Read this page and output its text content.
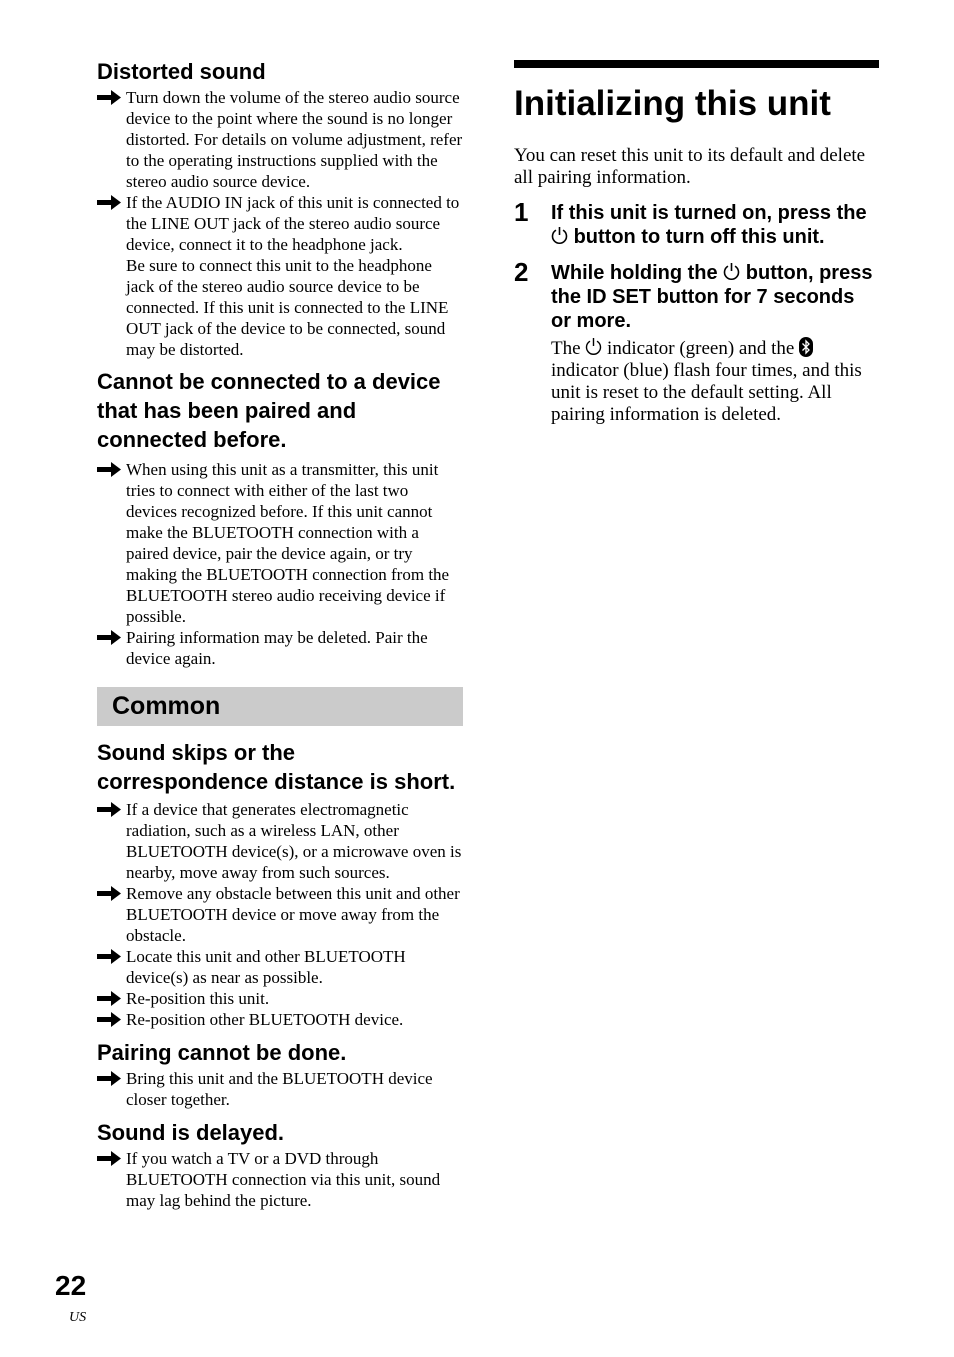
Distorted sound
Turn down the volume of the stereo audio source device to the point where the sound is no longer distorted. For details on volume adjustment, refer to the operating instructions supplied with the stereo audio source device.
If the AUDIO IN jack of this unit is connected to the LINE OUT jack of the stereo audio source device, connect it to the headphone jack.
Be sure to connect this unit to the headphone jack of the stereo audio source device to be connected. If this unit is connected to the LINE OUT jack of the device to be connected, sound may be distorted.
Cannot be connected to a device that has been paired and connected before.
When using this unit as a transmitter, this unit tries to connect with either of the last two devices recognized before. If this unit cannot make the BLUETOOTH connection with a paired device, pair the device again, or try making the BLUETOOTH connection from the BLUETOOTH stereo audio receiving device if possible.
Pairing information may be deleted. Pair the device again.
Common
Sound skips or the correspondence distance is short.
If a device that generates electromagnetic radiation, such as a wireless LAN, other BLUETOOTH device(s), or a microwave oven is nearby, move away from such sources.
Remove any obstacle between this unit and other BLUETOOTH device or move away from the obstacle.
Locate this unit and other BLUETOOTH device(s) as near as possible.
Re-position this unit.
Re-position other BLUETOOTH device.
Pairing cannot be done.
Bring this unit and the BLUETOOTH device closer together.
Sound is delayed.
If you watch a TV or a DVD through BLUETOOTH connection via this unit, sound may lag behind the picture.
Initializing this unit
You can reset this unit to its default and delete all pairing information.
1 If this unit is turned on, press the  button to turn off this unit.
2 While holding the button, press the ID SET button for 7 seconds or more.
The indicator (green) and the  indicator (blue) flash four times, and this unit is reset to the default setting. All pairing information is deleted.
22
US
